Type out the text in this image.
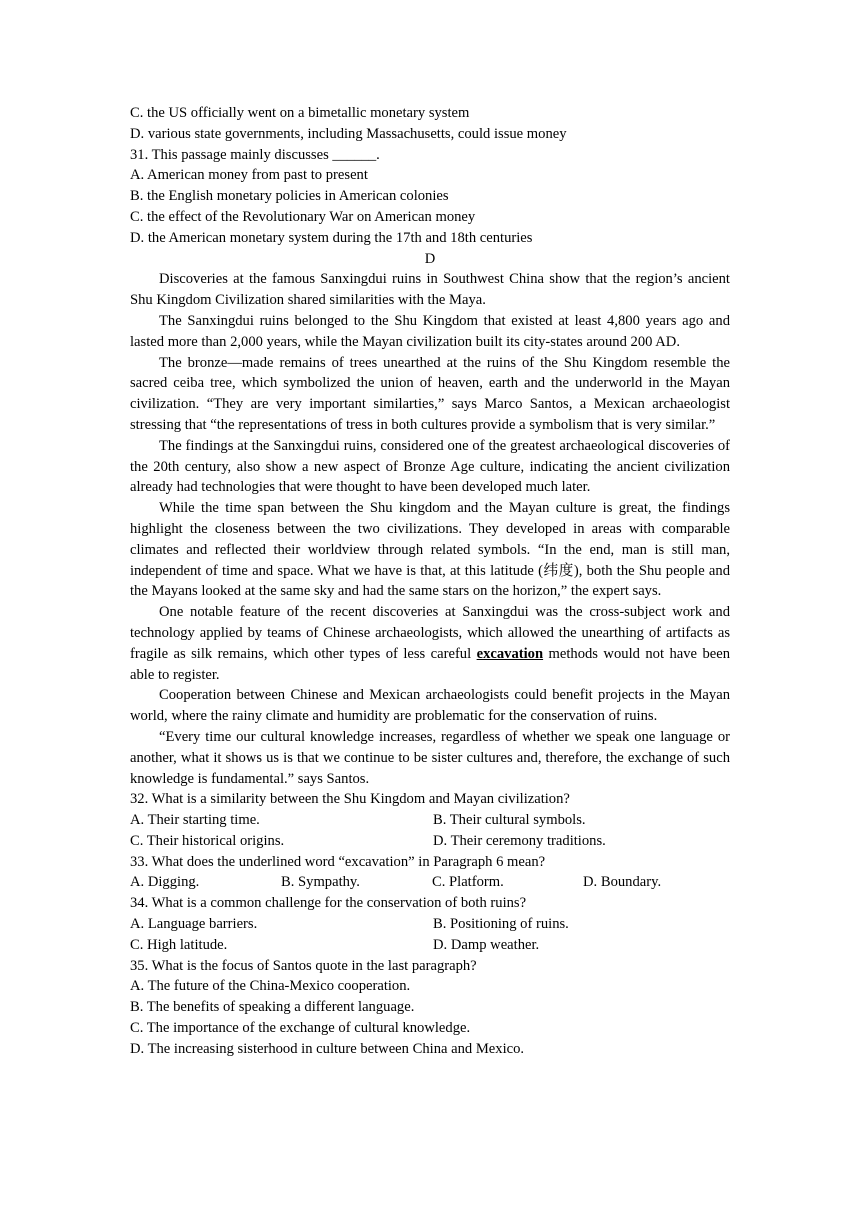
C. the US officially went on a bimetallic monetary system
D. various state governments, including Massachusetts, could issue money
31. This passage mainly discusses ______.
A. American money from past to present
B. the English monetary policies in American colonies
C. the effect of the Revolutionary War on American money
D. the American monetary system during the 17th and 18th centuries
D

Discoveries at the famous Sanxingdui ruins in Southwest China show that the region’s ancient Shu Kingdom Civilization shared similarities with the Maya.

The Sanxingdui ruins belonged to the Shu Kingdom that existed at least 4,800 years ago and lasted more than 2,000 years, while the Mayan civilization built its city-states around 200 AD.

The bronze—made remains of trees unearthed at the ruins of the Shu Kingdom resemble the sacred ceiba tree, which symbolized the union of heaven, earth and the underworld in the Mayan civilization. “They are very important similarties,” says Marco Santos, a Mexican archaeologist stressing that “the representations of tress in both cultures provide a symbolism that is very similar.”

The findings at the Sanxingdui ruins, considered one of the greatest archaeological discoveries of the 20th century, also show a new aspect of Bronze Age culture, indicating the ancient civilization already had technologies that were thought to have been developed much later.

While the time span between the Shu kingdom and the Mayan culture is great, the findings highlight the closeness between the two civilizations. They developed in areas with comparable climates and reflected their worldview through related symbols. “In the end, man is still man, independent of time and space. What we have is that, at this latitude (纬度), both the Shu people and the Mayans looked at the same sky and had the same stars on the horizon,” the expert says.

One notable feature of the recent discoveries at Sanxingdui was the cross-subject work and technology applied by teams of Chinese archaeologists, which allowed the unearthing of artifacts as fragile as silk remains, which other types of less careful excavation methods would not have been able to register.

Cooperation between Chinese and Mexican archaeologists could benefit projects in the Mayan world, where the rainy climate and humidity are problematic for the conservation of ruins.

“Every time our cultural knowledge increases, regardless of whether we speak one language or another, what it shows us is that we continue to be sister cultures and, therefore, the exchange of such knowledge is fundamental.” says Santos.

32. What is a similarity between the Shu Kingdom and Mayan civilization?
A. Their starting time.	B. Their cultural symbols.
C. Their historical origins.	D. Their ceremony traditions.
33. What does the underlined word “excavation” in Paragraph 6 mean?
A. Digging.	B. Sympathy.	C. Platform.	D. Boundary.
34. What is a common challenge for the conservation of both ruins?
A. Language barriers.	B. Positioning of ruins.
C. High latitude.	D. Damp weather.
35. What is the focus of Santos quote in the last paragraph?
A. The future of the China-Mexico cooperation.
B. The benefits of speaking a different language.
C. The importance of the exchange of cultural knowledge.
D. The increasing sisterhood in culture between China and Mexico.
